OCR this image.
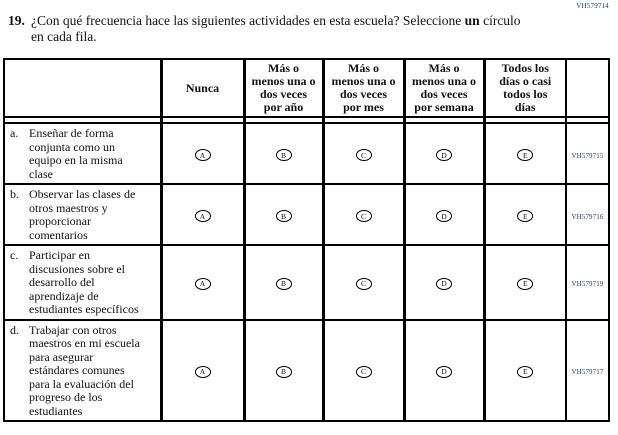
VH579714
19. ¿Con qué frecuencia hace las siguientes actividades en esta escuela? Seleccione un círculo en cada fila.
	Nunca	Más o menos una o dos veces por año	Más o menos una o dos veces por mes	Más o menos una o dos veces por semana	Todos los días o casi todos los días	

a. Enseñar de forma conjunta como un equipo en la misma clase	A	B	C	D	E	VH579715

b. Observar las clases de otros maestros y proporcionar comentarios	A	B	C	D	E	VH579716

c. Participar en discusiones sobre el desarrollo del aprendizaje de estudiantes específicos	A	B	C	D	E	VH579719

d. Trabajar con otros maestros en mi escuela para asegurar estándares comunes para la evaluación del progreso de los estudiantes	A	B	C	D	E	VH579717
